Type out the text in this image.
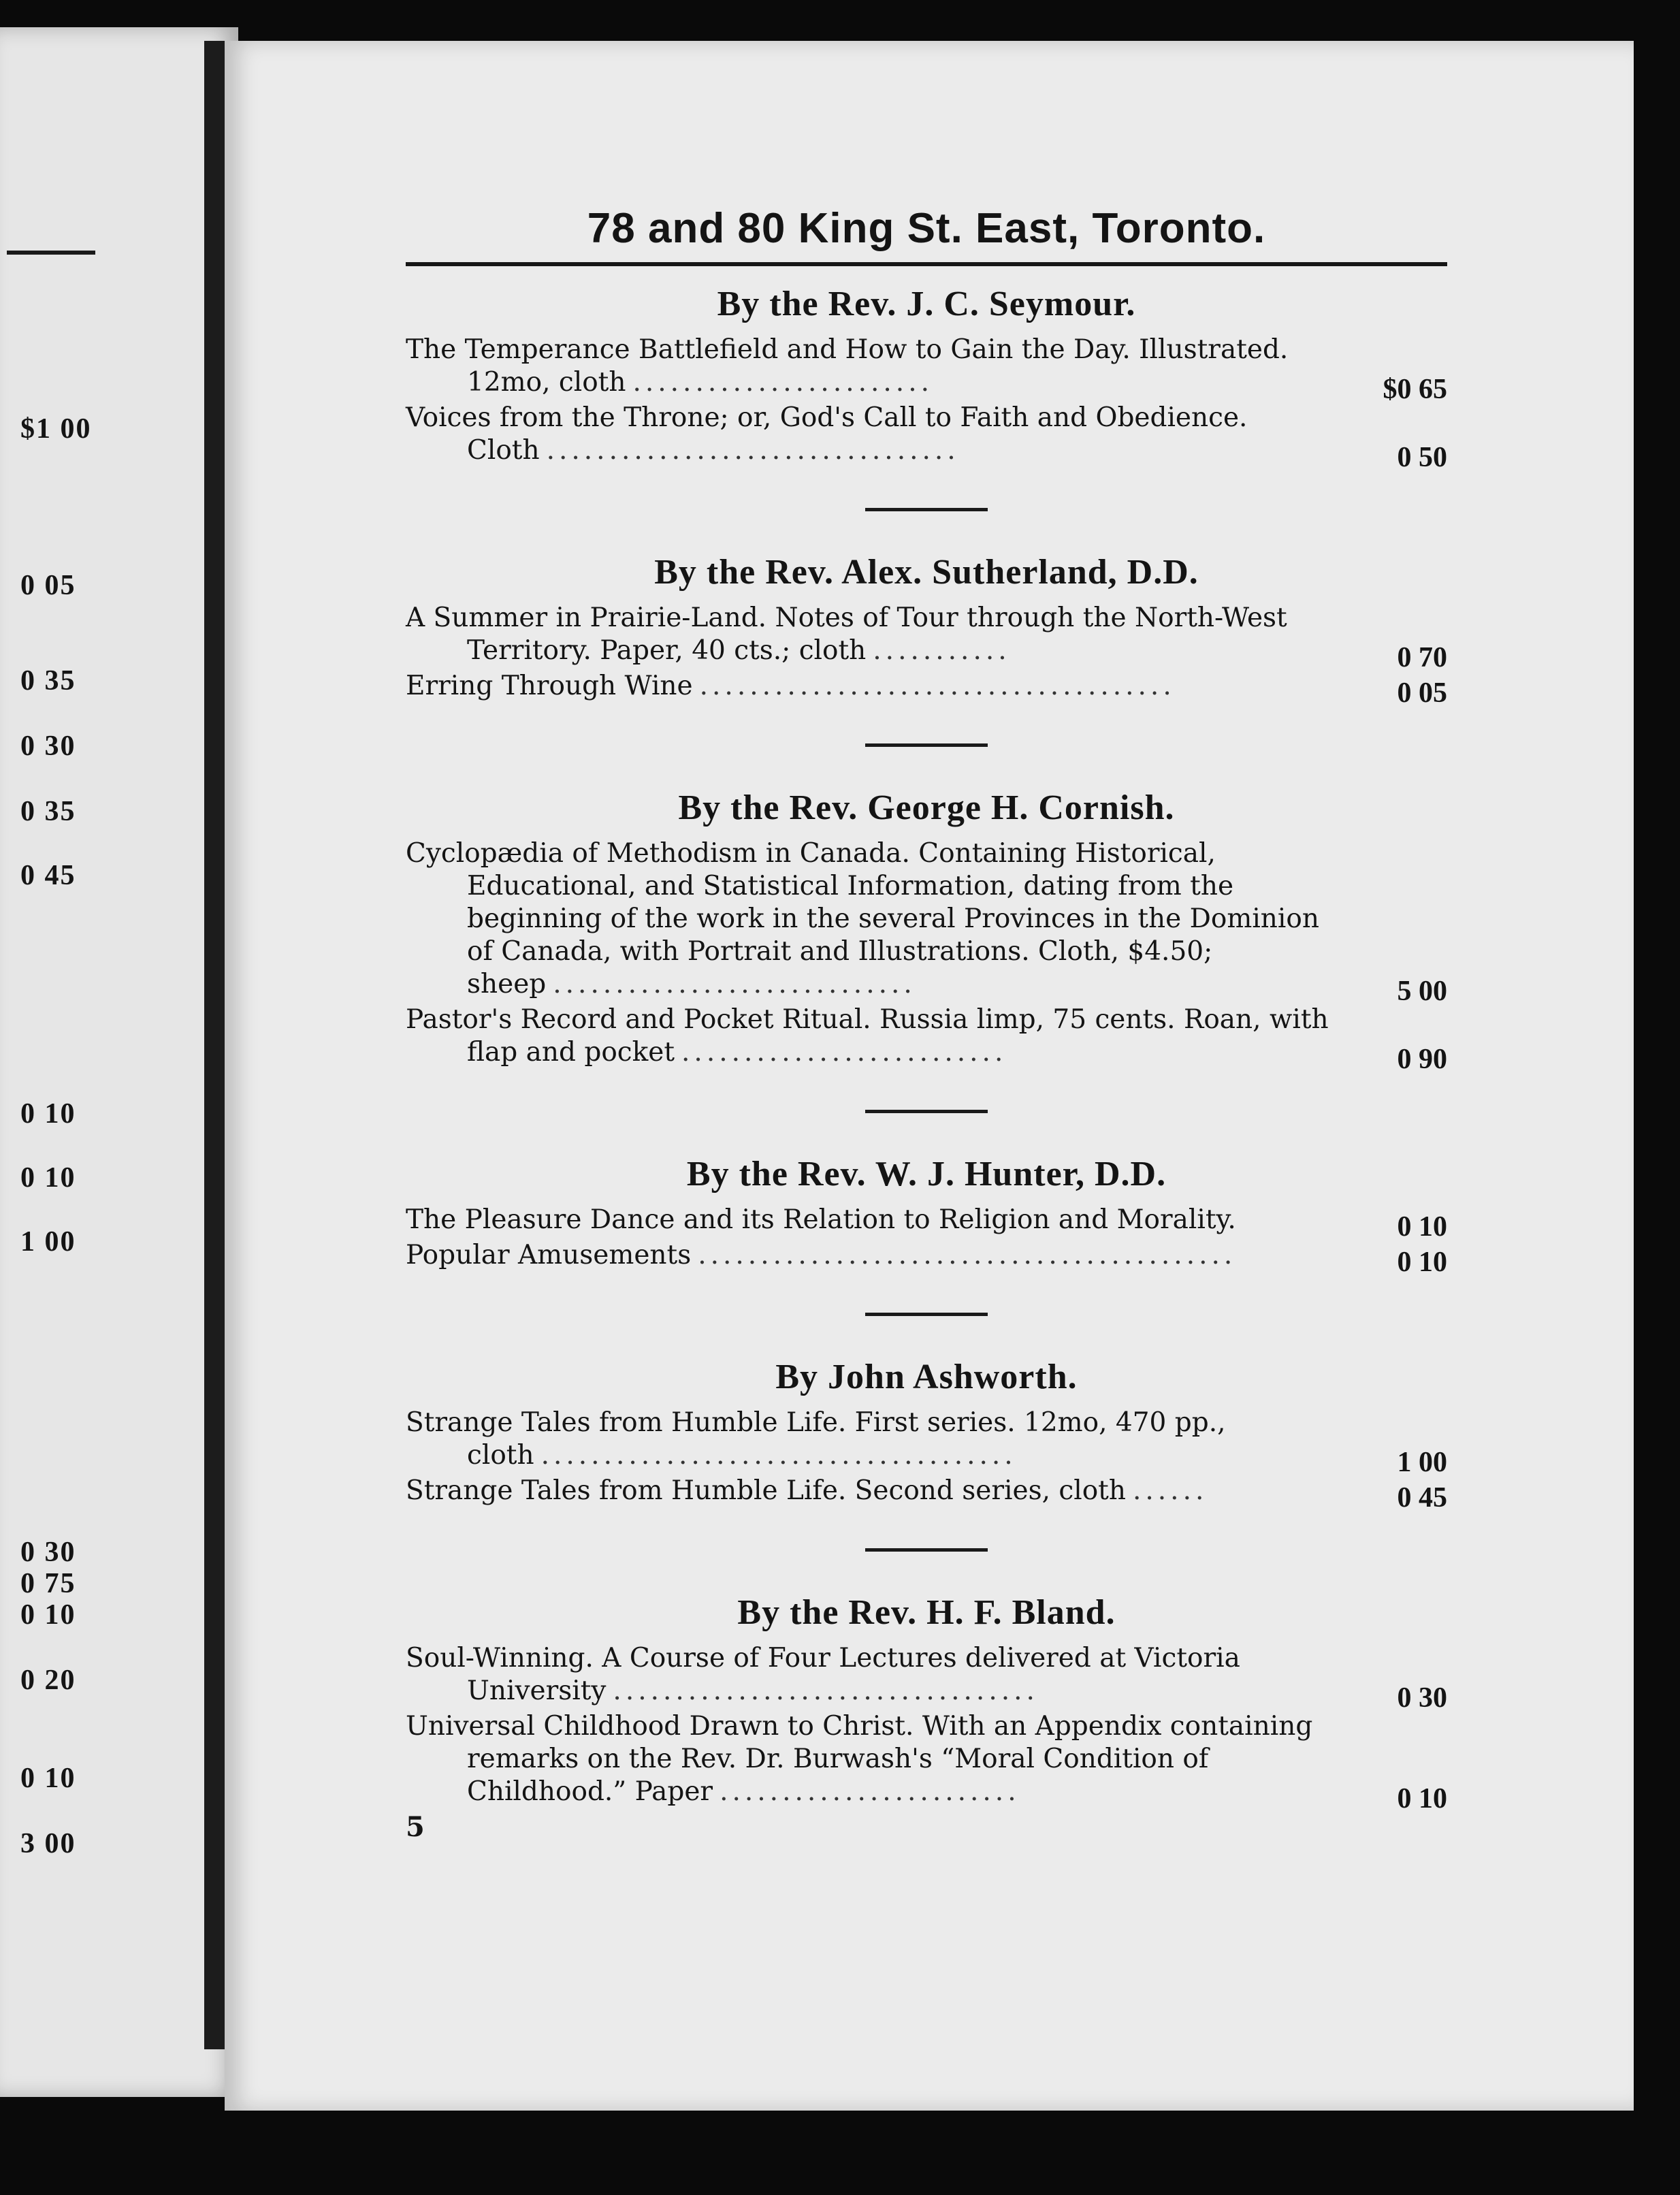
$1 00
0 05
0 35
0 30
0 35
0 45
0 10
0 10
1 00
0 30
0 75
0 10
0 20
0 10
3 00
78 and 80 King St. East, Toronto.
By the Rev. J. C. Seymour.
The Temperance Battlefield and How to Gain the Day. Illustrated. 12mo, cloth ........................	$0 65
Voices from the Throne; or, God's Call to Faith and Obedience. Cloth .................................	0 50
By the Rev. Alex. Sutherland, D.D.
A Summer in Prairie-Land. Notes of Tour through the North-West Territory. Paper, 40 cts.; cloth ...........	0 70
Erring Through Wine ......................................	0 05
By the Rev. George H. Cornish.
Cyclopædia of Methodism in Canada. Containing Historical, Educational, and Statistical Information, dating from the beginning of the work in the several Provinces in the Dominion of Canada, with Portrait and Illustrations. Cloth, $4.50; sheep .............................	5 00
Pastor's Record and Pocket Ritual. Russia limp, 75 cents. Roan, with flap and pocket ..........................	0 90
By the Rev. W. J. Hunter, D.D.
The Pleasure Dance and its Relation to Religion and Morality.	0 10
Popular Amusements ...........................................	0 10
By John Ashworth.
Strange Tales from Humble Life. First series. 12mo, 470 pp., cloth ......................................	1 00
Strange Tales from Humble Life. Second series, cloth ......	0 45
By the Rev. H. F. Bland.
Soul-Winning. A Course of Four Lectures delivered at Victoria University ..................................	0 30
Universal Childhood Drawn to Christ. With an Appendix containing remarks on the Rev. Dr. Burwash's “Moral Condition of Childhood.” Paper ........................	0 10
5
